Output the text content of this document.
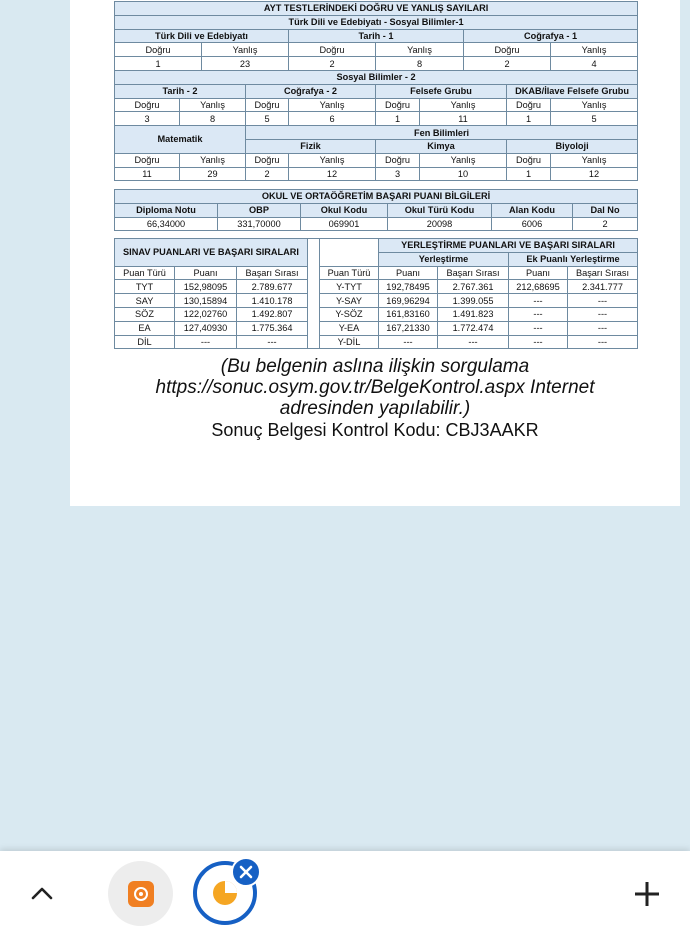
AYT TESTLERİNDEKİ DOĞRU VE YANLIŞ SAYILARI									
Türk Dili ve Edebiyatı - Sosyal Bilimler-1									
Türk Dili ve Edebiyatı				Tarih - 1			Coğrafya - 1		
Doğru		Yanlış		Doğru	Yanlış		Doğru		Yanlış
1		23		2	8		2		4
Sosyal Bilimler - 2									
Tarih - 2			Coğrafya - 2		Felsefe Grubu			DKAB/İlave Felsefe Grubu	
Doğru	Yanlış		Doğru	Yanlış	Doğru	Yanlış		Doğru	Yanlış
3	8		5	6	1	11		1	5
Matematik			Fen Bilimleri						
			Fizik		Kimya			Biyoloji	
Doğru	Yanlış		Doğru	Yanlış	Doğru	Yanlış		Doğru	Yanlış
11	29		2	12	3	10		1	12
OKUL VE ORTAÖĞRETİM BAŞARI PUANI BİLGİLERİ					
Diploma Notu	OBP	Okul Kodu	Okul Türü Kodu	Alan Kodu	Dal No
66,34000	331,70000	069901	20098	6006	2
SINAV PUANLARI VE BAŞARI SIRALARI		

Puan Türü	Puanı	Başarı Sırası
TYT	152,98095	2.789.677
SAY	130,15894	1.410.178
SÖZ	122,02760	1.492.807
EA	127,40930	1.775.364
DİL	---	---
	YERLEŞTİRME PUANLARI VE BAŞARI SIRALARI			
	Yerleştirme		Ek Puanlı Yerleştirme	
Puan Türü	Puanı	Başarı Sırası	Puanı	Başarı Sırası
Y-TYT	192,78495	2.767.361	212,68695	2.341.777
Y-SAY	169,96294	1.399.055	---	---
Y-SÖZ	161,83160	1.491.823	---	---
Y-EA	167,21330	1.772.474	---	---
Y-DİL	---	---	---	---
(Bu belgenin aslına ilişkin sorgulama
https://sonuc.osym.gov.tr/BelgeKontrol.aspx Internet
adresinden yapılabilir.)
Sonuç Belgesi Kontrol Kodu: CBJ3AAKR
